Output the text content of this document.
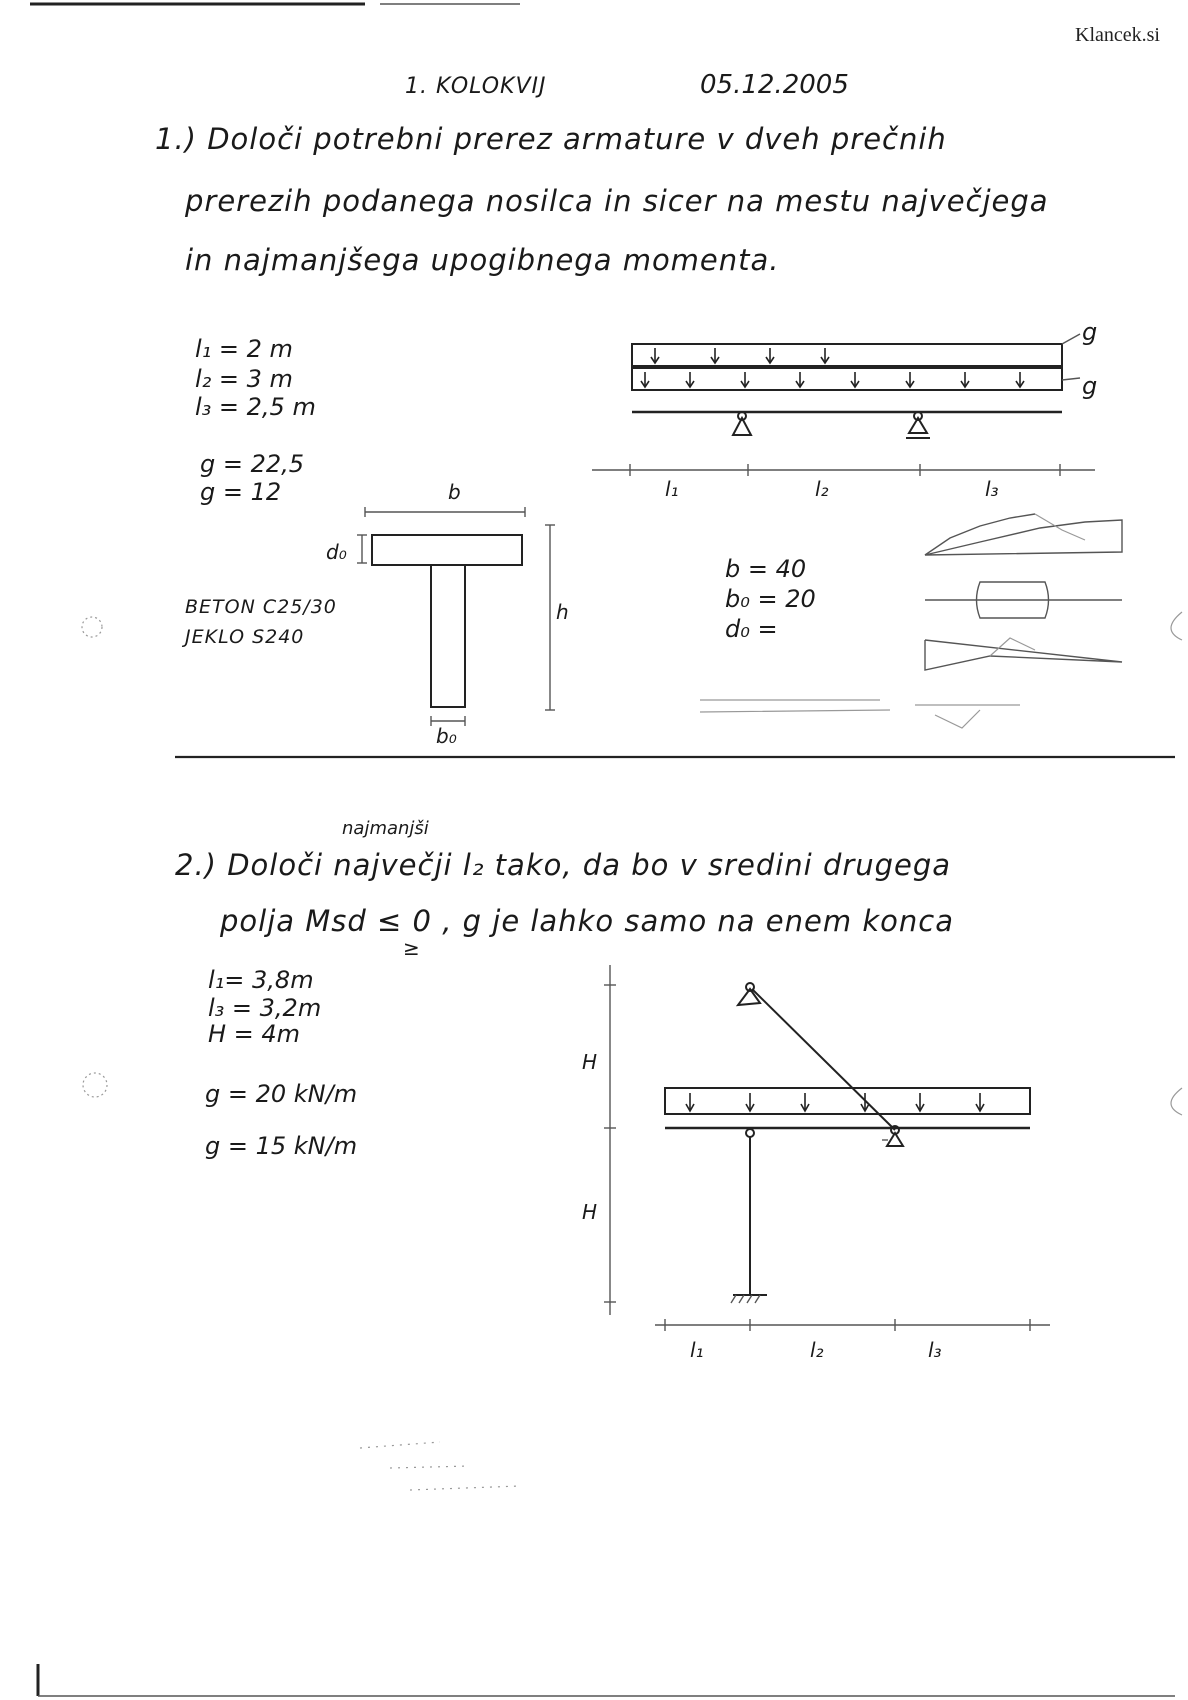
Klancek.si
1. KOLOKVIJ	05.12.2005
1.) Določi potrebni prerez armature v dveh prečnih
prerezih podanega nosilca in sicer na mestu največjega
in najmanjšega upogibnega momenta.
l₁ = 2 m
l₂ = 3 m
l₃ = 2,5 m
g = 22,5
g = 12
BETON C25/30
JEKLO S240
g
g
l₁	l₂	l₃
b
d₀
h
b₀
b = 40
b₀ = 20
d₀ =
najmanjši
2.) Določi največji l₂ tako, da bo v sredini drugega
polja Msd ≤ 0 , g je lahko samo na enem konca
≥
l₁= 3,8m
l₃ = 3,2m
H = 4m
g = 20 kN/m
g = 15 kN/m
H
H
l₁	l₂	l₃
